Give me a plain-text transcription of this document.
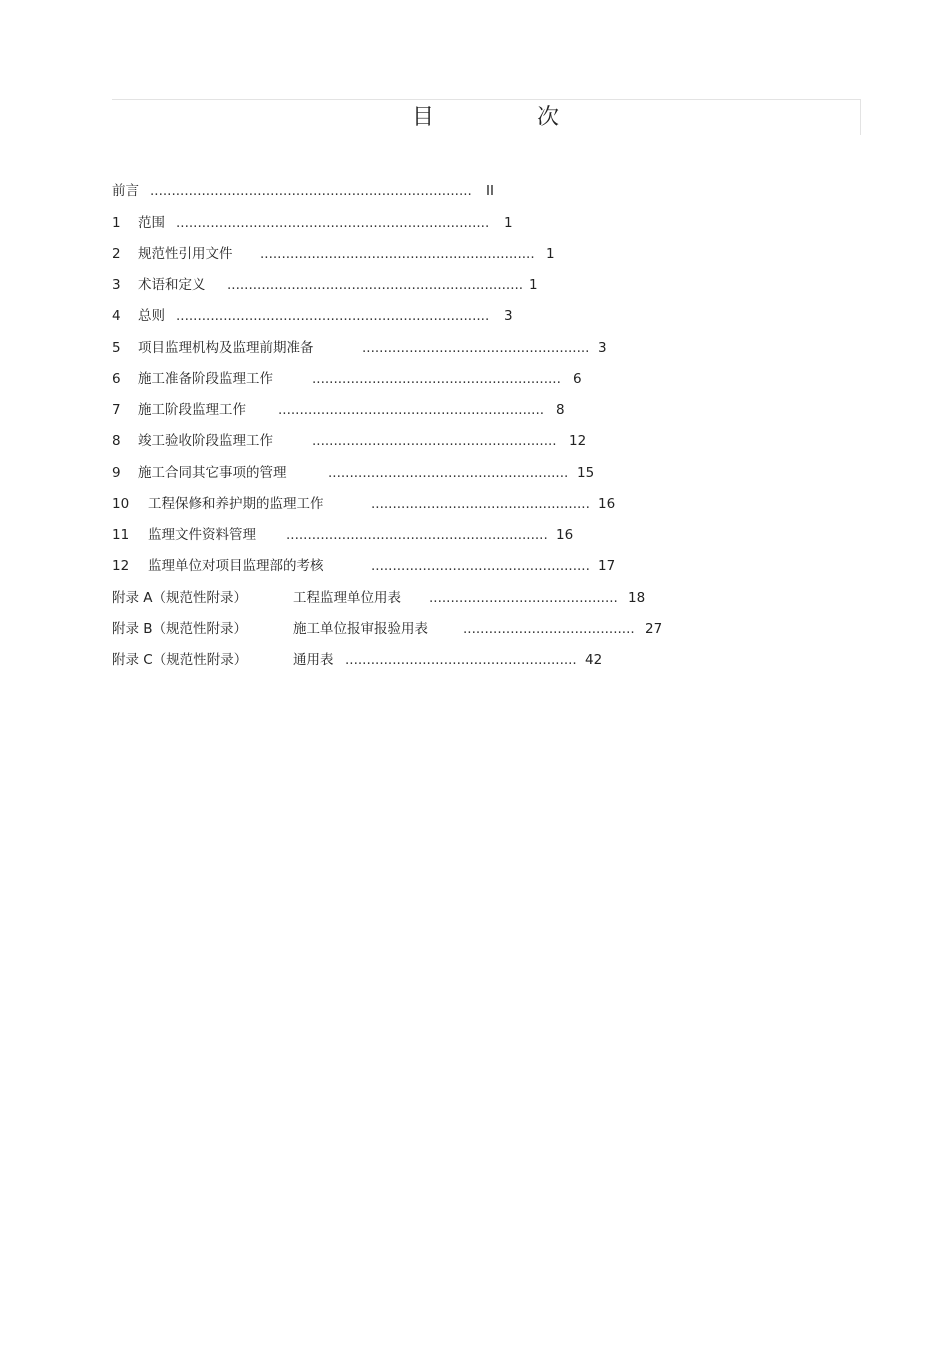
目	次
前言 ........................................................................... II
1 范围 ......................................................................... 1
2 规范性引用文件 ................................................................ 1
3 术语和定义 ..................................................................... 1
4 总则 ......................................................................... 3
5 项目监理机构及监理前期准备	..................................................... 3
6 施工准备阶段监理工作	.......................................................... 6
7 施工阶段监理工作 .............................................................. 8
8 竣工验收阶段监理工作	......................................................... 12
9 施工合同其它事项的管理	........................................................ 15
10 工程保修和养护期的监理工作	................................................... 16
11 监理文件资料管理 ............................................................. 16
12 监理单位对项目监理部的考核	................................................... 17
附录 A（规范性附录）	工程监理单位用表 ............................................ 18
附录 B（规范性附录）	施工单位报审报验用表	........................................ 27
附录 C（规范性附录）	通用表 ...................................................... 42
